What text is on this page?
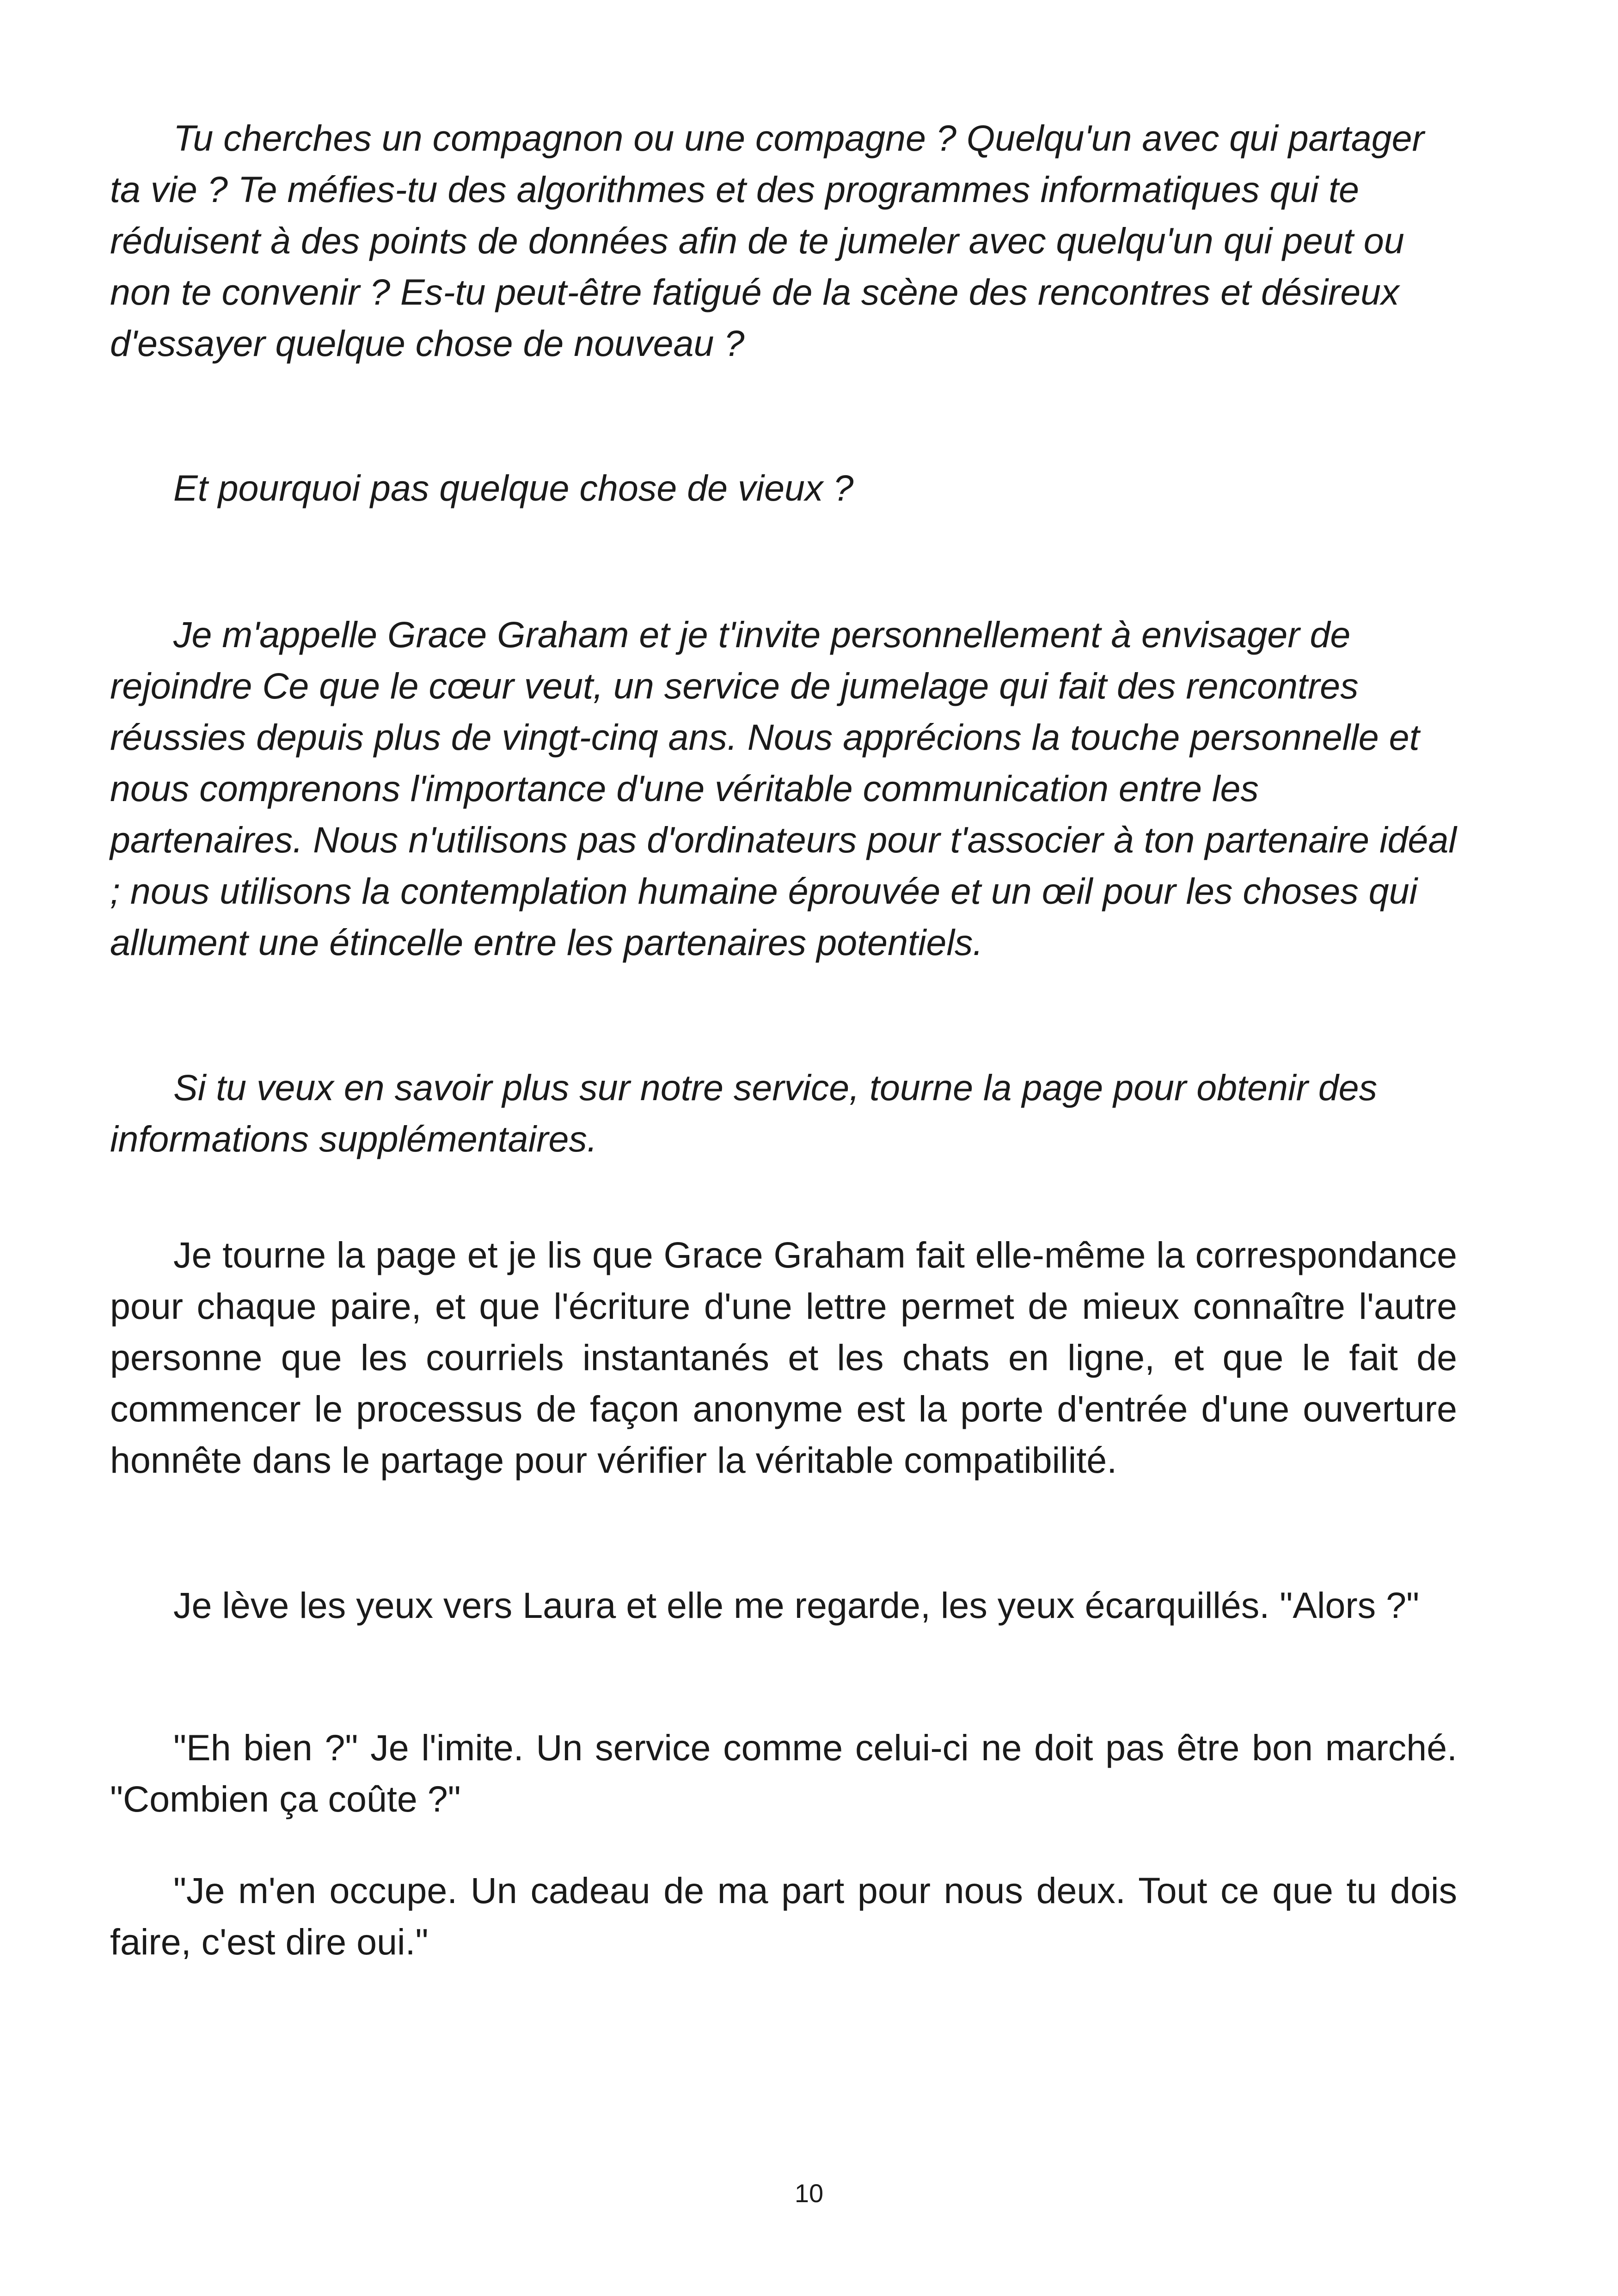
Tu cherches un compagnon ou une compagne ? Quelqu'un avec qui partager ta vie ? Te méfies-tu des algorithmes et des programmes informatiques qui te réduisent à des points de données afin de te jumeler avec quelqu'un qui peut ou non te convenir ? Es-tu peut-être fatigué de la scène des rencontres et désireux d'essayer quelque chose de nouveau ?

Et pourquoi pas quelque chose de vieux ?

Je m'appelle Grace Graham et je t'invite personnellement à envisager de rejoindre Ce que le cœur veut, un service de jumelage qui fait des rencontres réussies depuis plus de vingt-cinq ans. Nous apprécions la touche personnelle et nous comprenons l'importance d'une véritable communication entre les partenaires. Nous n'utilisons pas d'ordinateurs pour t'associer à ton partenaire idéal ; nous utilisons la contemplation humaine éprouvée et un œil pour les choses qui allument une étincelle entre les partenaires potentiels.

Si tu veux en savoir plus sur notre service, tourne la page pour obtenir des informations supplémentaires.

Je tourne la page et je lis que Grace Graham fait elle-même la correspondance pour chaque paire, et que l'écriture d'une lettre permet de mieux connaître l'autre personne que les courriels instantanés et les chats en ligne, et que le fait de commencer le processus de façon anonyme est la porte d'entrée d'une ouverture honnête dans le partage pour vérifier la véritable compatibilité.

Je lève les yeux vers Laura et elle me regarde, les yeux écarquillés. "Alors ?"

"Eh bien ?" Je l'imite. Un service comme celui-ci ne doit pas être bon marché. "Combien ça coûte ?"

"Je m'en occupe. Un cadeau de ma part pour nous deux. Tout ce que tu dois faire, c'est dire oui."

10
